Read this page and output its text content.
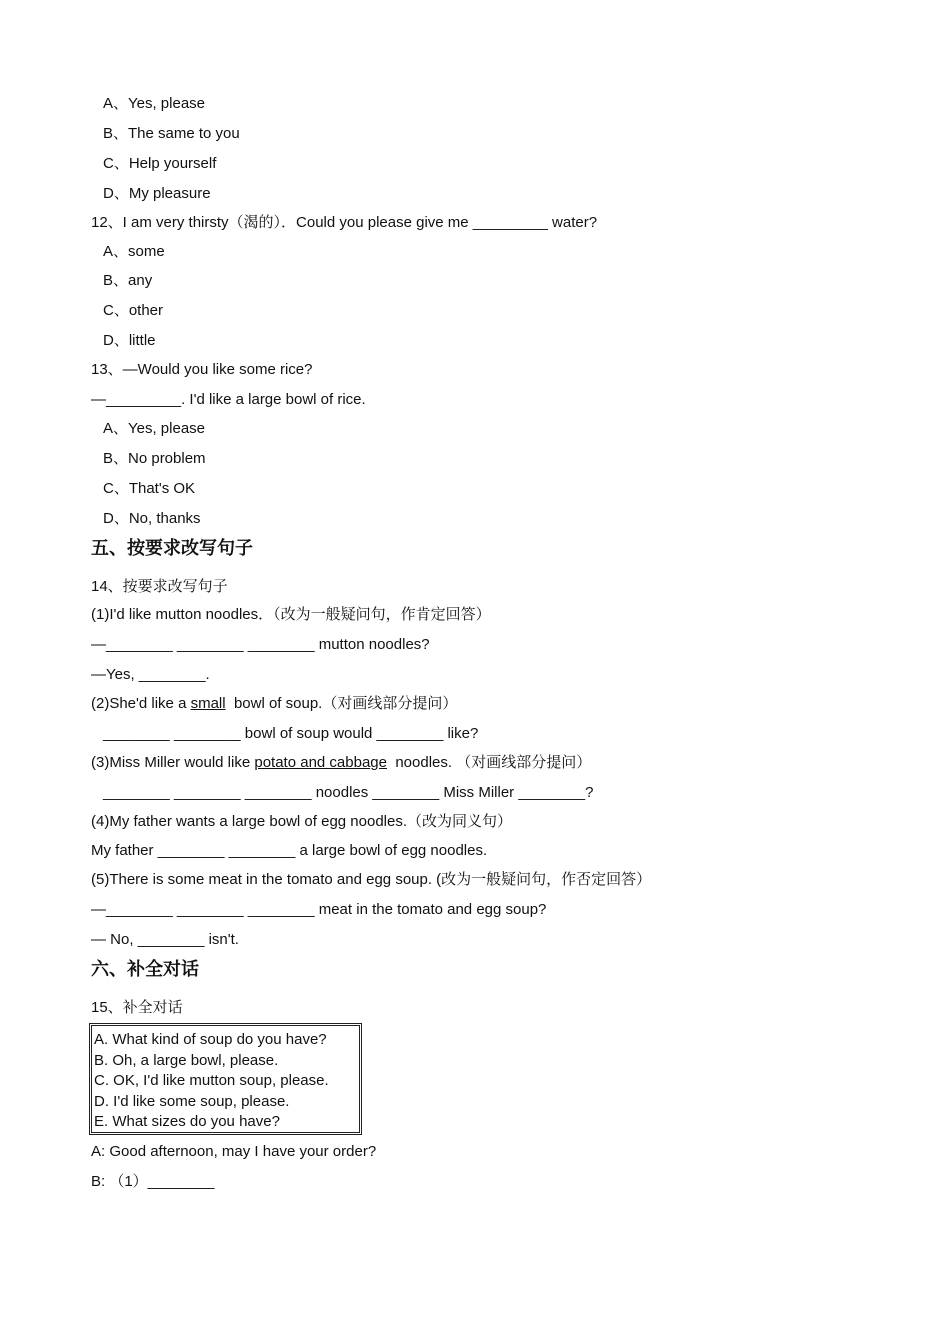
A、Yes, please
B、The same to you
C、Help yourself
D、My pleasure
12、I am very thirsty（渴的）．Could you please give me _________ water?
A、some
B、any
C、other
D、little
13、—Would you like some rice?
—_________. I'd like a large bowl of rice.
A、Yes, please
B、No problem
C、That's OK
D、No, thanks
五、按要求改写句子
14、按要求改写句子
(1)I'd like mutton noodles．（改为一般疑问句，作肯定回答）
—________ ________ ________ mutton noodles?
—Yes, ________.
(2)She'd like a small  bowl of soup.（对画线部分提问）
________ ________ bowl of soup would ________ like?
(3)Miss Miller would like potato and cabbage  noodles. （对画线部分提问）
________ ________ ________ noodles ________ Miss Miller ________?
(4)My father wants a large bowl of egg noodles.（改为同义句）
My father ________ ________ a large bowl of egg noodles.
(5)There is some meat in the tomato and egg soup. (改为一般疑问句，作否定回答）
—________ ________ ________ meat in the tomato and egg soup?
— No, ________ isn't.
六、补全对话
15、补全对话
A. What kind of soup do you have?
B. Oh, a large bowl, please.
C. OK, I'd like mutton soup, please.
D. I'd like some soup, please.
E. What sizes do you have?
A: Good afternoon, may I have your order?
B: （1）________
